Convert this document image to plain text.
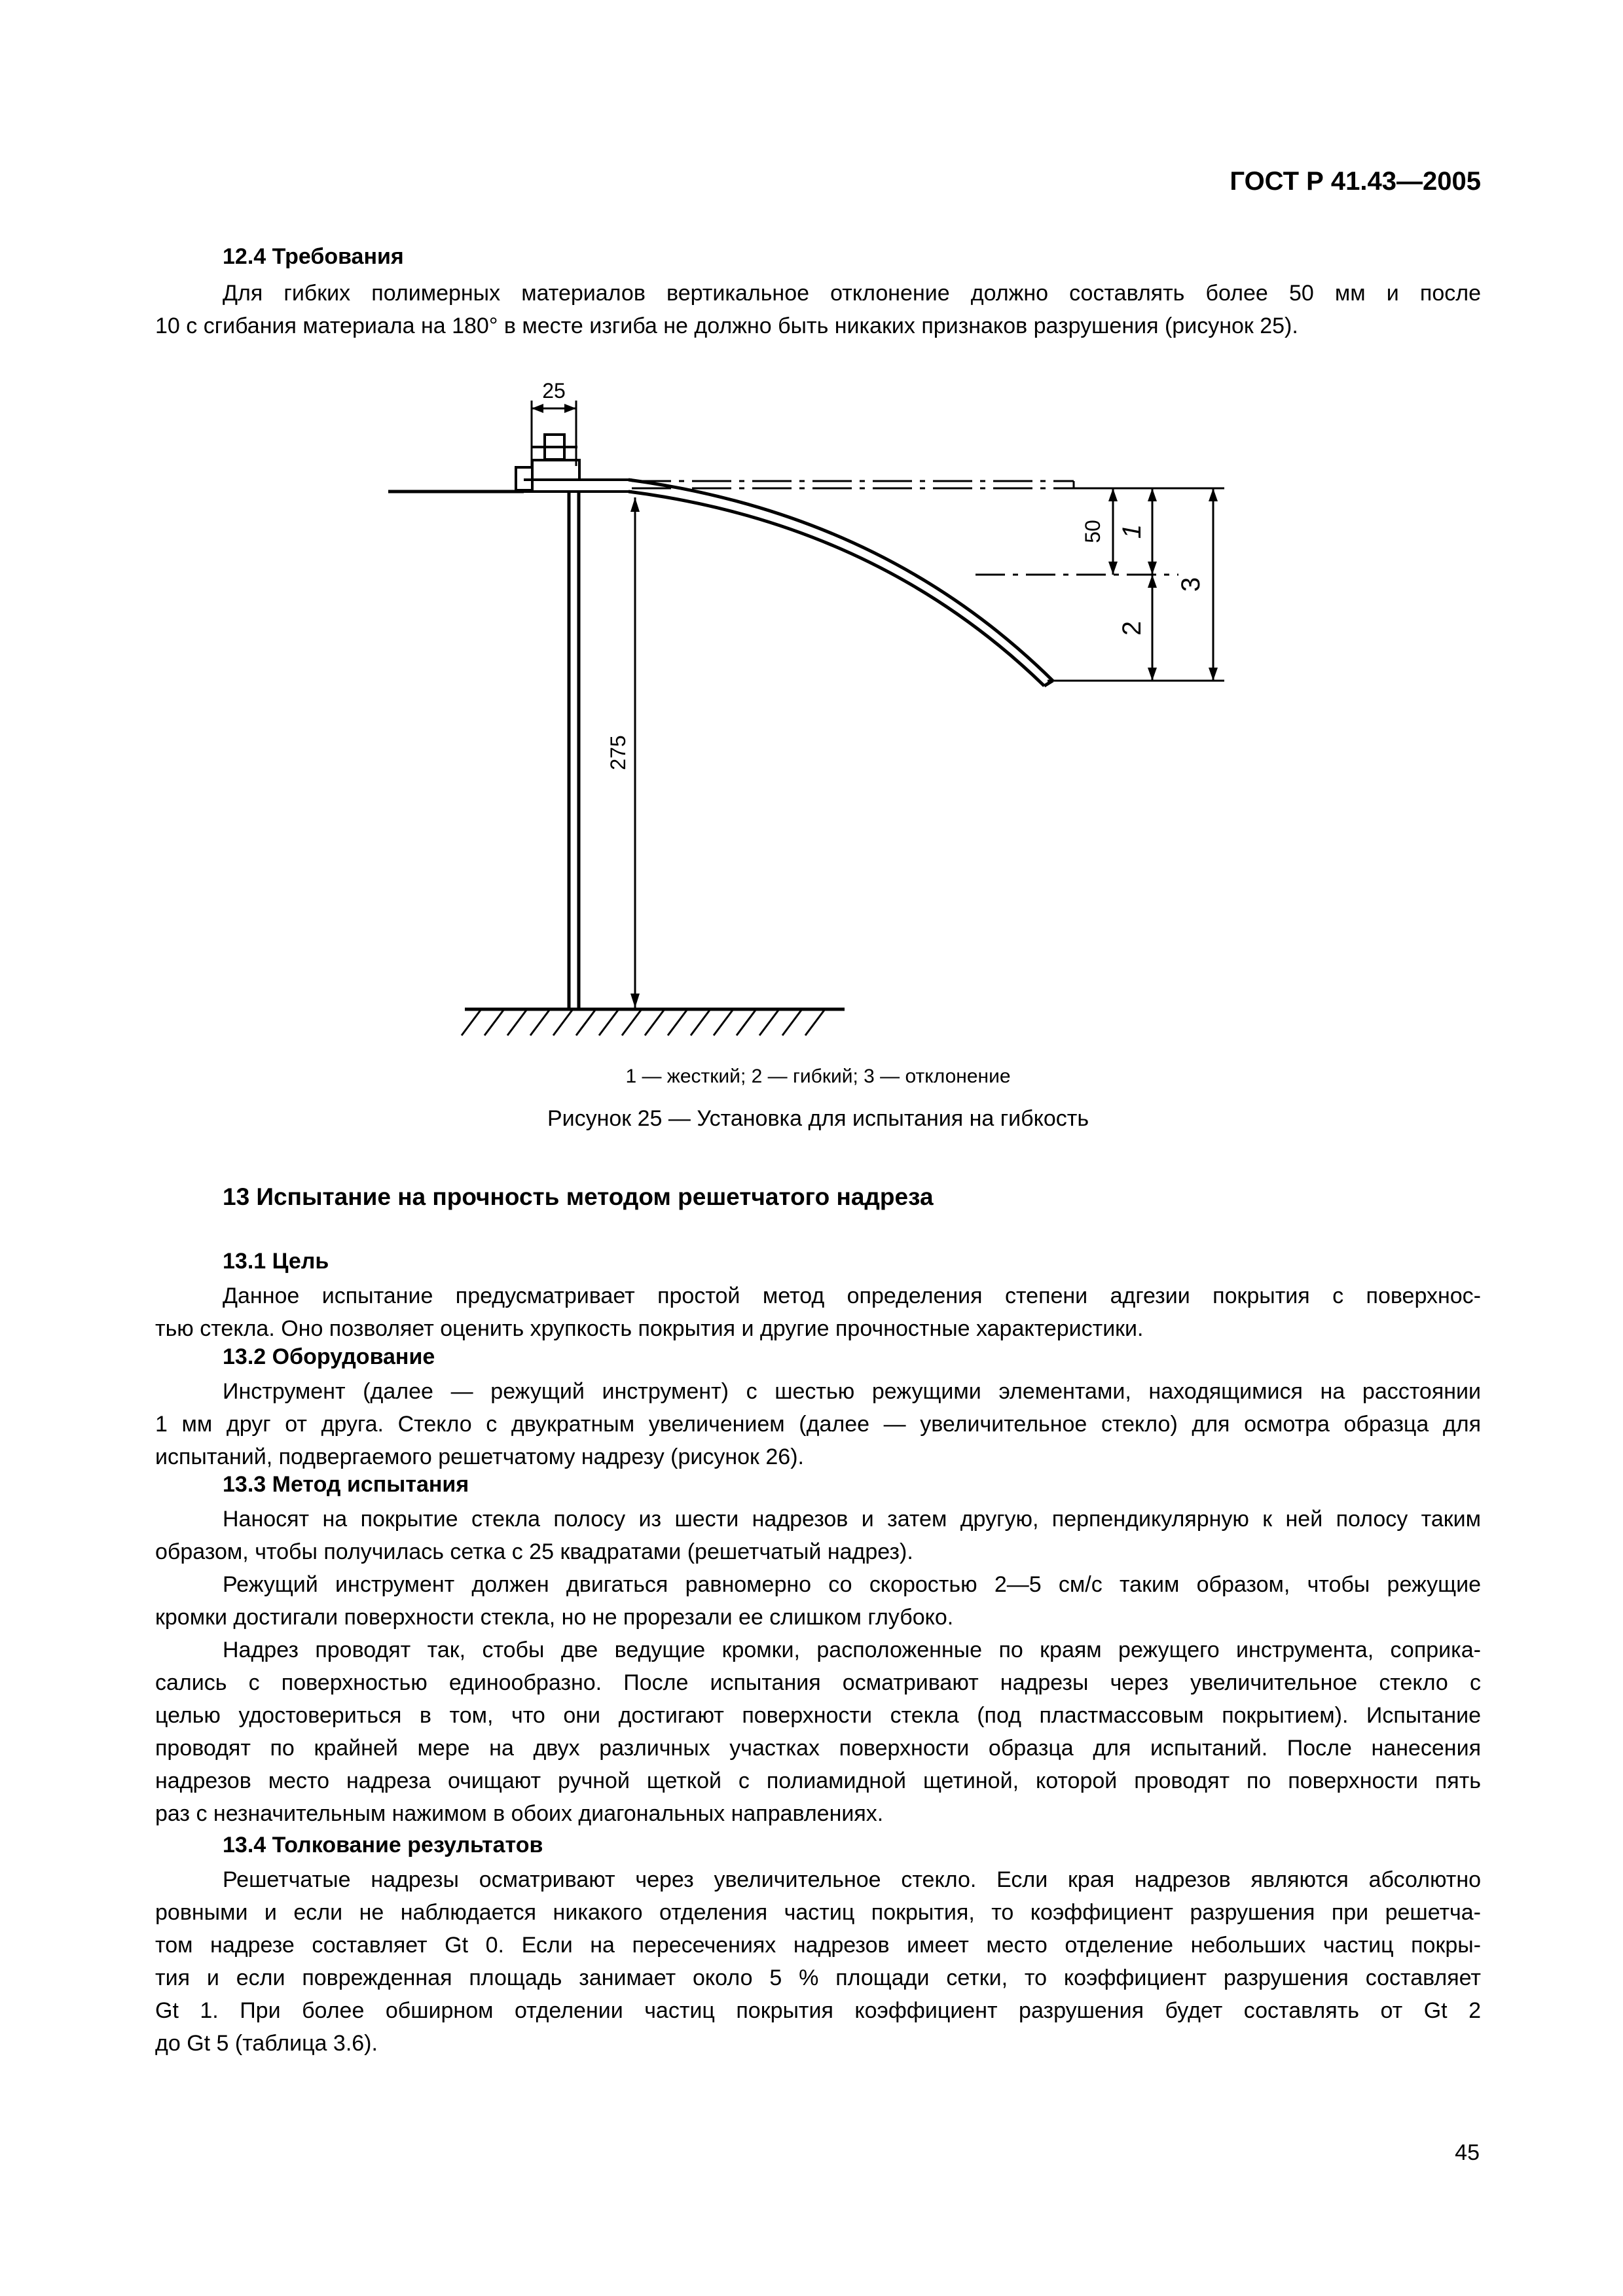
ГОСТ Р 41.43—2005
12.4 Требования
Для гибких полимерных материалов вертикальное отклонение должно составлять более 50 мм и после
10 с сгибания материала на 180° в месте изгиба не должно быть никаких признаков разрушения (рисунок 25).
25
50
275
1
2
3
1 — жесткий; 2 — гибкий; 3 — отклонение
Рисунок 25 — Установка для испытания на гибкость
13 Испытание на прочность методом решетчатого надреза
13.1 Цель
Данное испытание предусматривает простой метод определения степени адгезии покрытия с поверхнос-
тью стекла. Оно позволяет оценить хрупкость покрытия и другие прочностные характеристики.
13.2 Оборудование
Инструмент (далее — режущий инструмент) с шестью режущими элементами, находящимися на расстоянии
1 мм друг от друга. Стекло с двукратным увеличением (далее — увеличительное стекло) для осмотра образца для
испытаний, подвергаемого решетчатому надрезу (рисунок 26).
13.3 Метод испытания
Наносят на покрытие стекла полосу из шести надрезов и затем другую, перпендикулярную к ней полосу таким
образом, чтобы получилась сетка с 25 квадратами (решетчатый надрез).
Режущий инструмент должен двигаться равномерно со скоростью 2—5 см/с таким образом, чтобы режущие
кромки достигали поверхности стекла, но не прорезали ее слишком глубоко.
Надрез проводят так, стобы две ведущие кромки, расположенные по краям режущего инструмента, соприка-
сались с поверхностью единообразно. После испытания осматривают надрезы через увеличительное стекло с
целью удостовериться в том, что они достигают поверхности стекла (под пластмассовым покрытием). Испытание
проводят по крайней мере на двух различных участках поверхности образца для испытаний. После нанесения
надрезов место надреза очищают ручной щеткой с полиамидной щетиной, которой проводят по поверхности пять
раз с незначительным нажимом в обоих диагональных направлениях.
13.4 Толкование результатов
Решетчатые надрезы осматривают через увеличительное стекло. Если края надрезов являются абсолютно
ровными и если не наблюдается никакого отделения частиц покрытия, то коэффициент разрушения при решетча-
том надрезе составляет Gt 0. Если на пересечениях надрезов имеет место отделение небольших частиц покры-
тия и если поврежденная площадь занимает около 5 % площади сетки, то коэффициент разрушения составляет
Gt 1. При более обширном отделении частиц покрытия коэффициент разрушения будет составлять от Gt 2
до Gt 5 (таблица 3.6).
45
